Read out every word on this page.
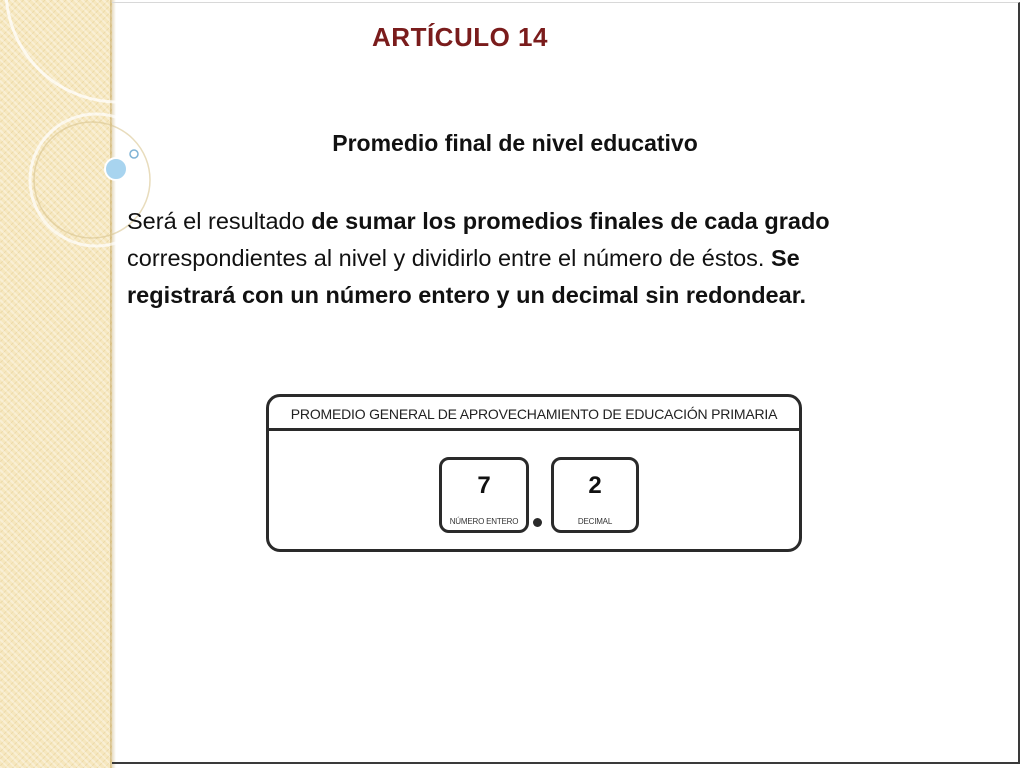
ARTÍCULO 14
Promedio final de nivel educativo
Será el resultado de sumar los promedios finales de cada grado correspondientes al nivel y dividirlo entre el número de éstos. Se registrará con un número entero y un decimal sin redondear.
PROMEDIO GENERAL DE APROVECHAMIENTO DE EDUCACIÓN PRIMARIA
7
NÚMERO ENTERO
2
DECIMAL
